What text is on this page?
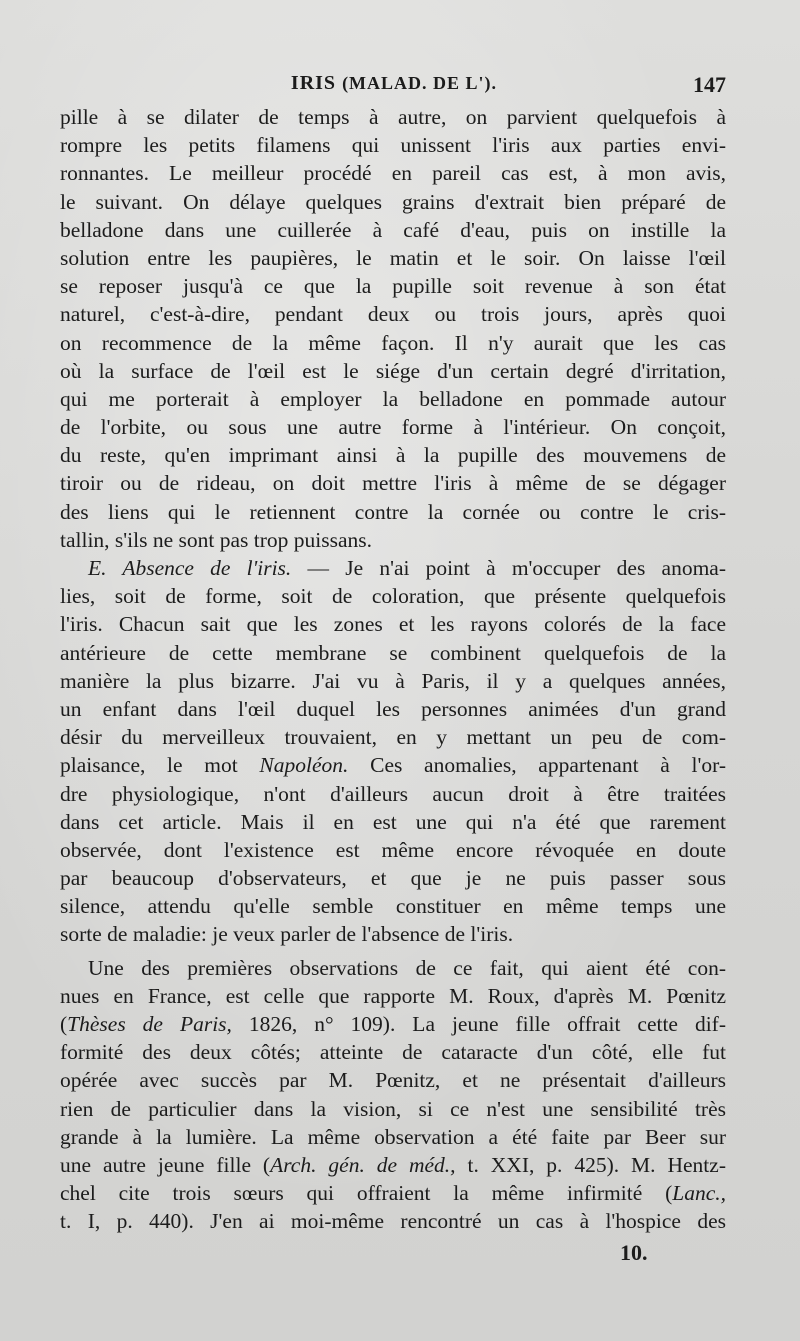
IRIS (MALAD. DE L').	147
pille à se dilater de temps à autre, on parvient quelquefois à
rompre les petits filamens qui unissent l'iris aux parties envi-
ronnantes. Le meilleur procédé en pareil cas est, à mon avis,
le suivant. On délaye quelques grains d'extrait bien préparé de
belladone dans une cuillerée à café d'eau, puis on instille la
solution entre les paupières, le matin et le soir. On laisse l'œil
se reposer jusqu'à ce que la pupille soit revenue à son état
naturel, c'est-à-dire, pendant deux ou trois jours, après quoi
on recommence de la même façon. Il n'y aurait que les cas
où la surface de l'œil est le siége d'un certain degré d'irritation,
qui me porterait à employer la belladone en pommade autour
de l'orbite, ou sous une autre forme à l'intérieur. On conçoit,
du reste, qu'en imprimant ainsi à la pupille des mouvemens de
tiroir ou de rideau, on doit mettre l'iris à même de se dégager
des liens qui le retiennent contre la cornée ou contre le cris-
tallin, s'ils ne sont pas trop puissans.
E. Absence de l'iris. — Je n'ai point à m'occuper des anoma-
lies, soit de forme, soit de coloration, que présente quelquefois
l'iris. Chacun sait que les zones et les rayons colorés de la face
antérieure de cette membrane se combinent quelquefois de la
manière la plus bizarre. J'ai vu à Paris, il y a quelques années,
un enfant dans l'œil duquel les personnes animées d'un grand
désir du merveilleux trouvaient, en y mettant un peu de com-
plaisance, le mot Napoléon. Ces anomalies, appartenant à l'or-
dre physiologique, n'ont d'ailleurs aucun droit à être traitées
dans cet article. Mais il en est une qui n'a été que rarement
observée, dont l'existence est même encore révoquée en doute
par beaucoup d'observateurs, et que je ne puis passer sous
silence, attendu qu'elle semble constituer en même temps une
sorte de maladie: je veux parler de l'absence de l'iris.
Une des premières observations de ce fait, qui aient été con-
nues en France, est celle que rapporte M. Roux, d'après M. Pœnitz
(Thèses de Paris, 1826, n° 109). La jeune fille offrait cette dif-
formité des deux côtés; atteinte de cataracte d'un côté, elle fut
opérée avec succès par M. Pœnitz, et ne présentait d'ailleurs
rien de particulier dans la vision, si ce n'est une sensibilité très
grande à la lumière. La même observation a été faite par Beer sur
une autre jeune fille (Arch. gén. de méd., t. XXI, p. 425). M. Hentz-
chel cite trois sœurs qui offraient la même infirmité (Lanc.,
t. I, p. 440). J'en ai moi-même rencontré un cas à l'hospice des
10.
